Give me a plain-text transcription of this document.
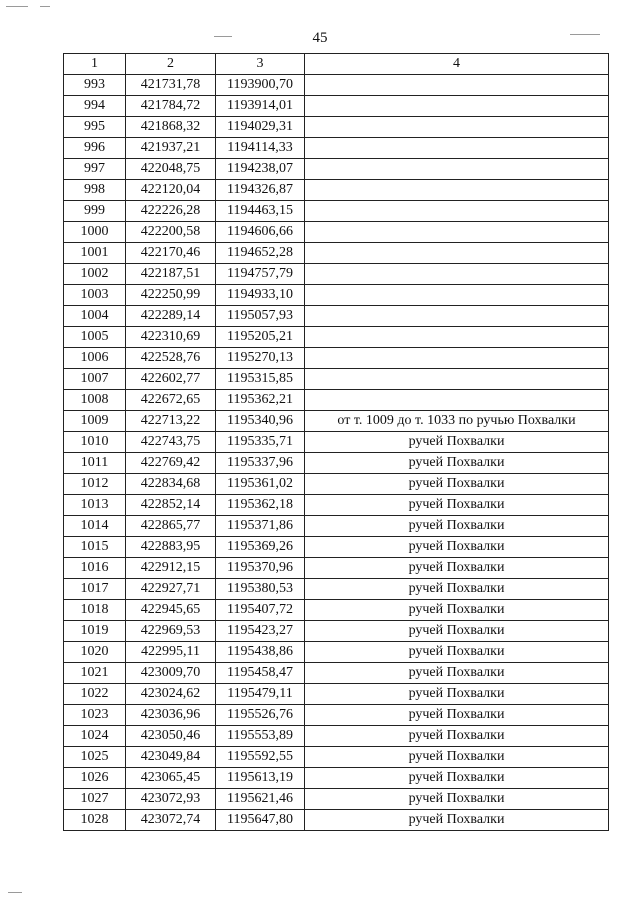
45
1	2	3	4
993	421731,78	1193900,70	
994	421784,72	1193914,01	
995	421868,32	1194029,31	
996	421937,21	1194114,33	
997	422048,75	1194238,07	
998	422120,04	1194326,87	
999	422226,28	1194463,15	
1000	422200,58	1194606,66	
1001	422170,46	1194652,28	
1002	422187,51	1194757,79	
1003	422250,99	1194933,10	
1004	422289,14	1195057,93	
1005	422310,69	1195205,21	
1006	422528,76	1195270,13	
1007	422602,77	1195315,85	
1008	422672,65	1195362,21	
1009	422713,22	1195340,96	от т. 1009 до т. 1033 по ручью Похвалки
1010	422743,75	1195335,71	ручей Похвалки
1011	422769,42	1195337,96	ручей Похвалки
1012	422834,68	1195361,02	ручей Похвалки
1013	422852,14	1195362,18	ручей Похвалки
1014	422865,77	1195371,86	ручей Похвалки
1015	422883,95	1195369,26	ручей Похвалки
1016	422912,15	1195370,96	ручей Похвалки
1017	422927,71	1195380,53	ручей Похвалки
1018	422945,65	1195407,72	ручей Похвалки
1019	422969,53	1195423,27	ручей Похвалки
1020	422995,11	1195438,86	ручей Похвалки
1021	423009,70	1195458,47	ручей Похвалки
1022	423024,62	1195479,11	ручей Похвалки
1023	423036,96	1195526,76	ручей Похвалки
1024	423050,46	1195553,89	ручей Похвалки
1025	423049,84	1195592,55	ручей Похвалки
1026	423065,45	1195613,19	ручей Похвалки
1027	423072,93	1195621,46	ручей Похвалки
1028	423072,74	1195647,80	ручей Похвалки
